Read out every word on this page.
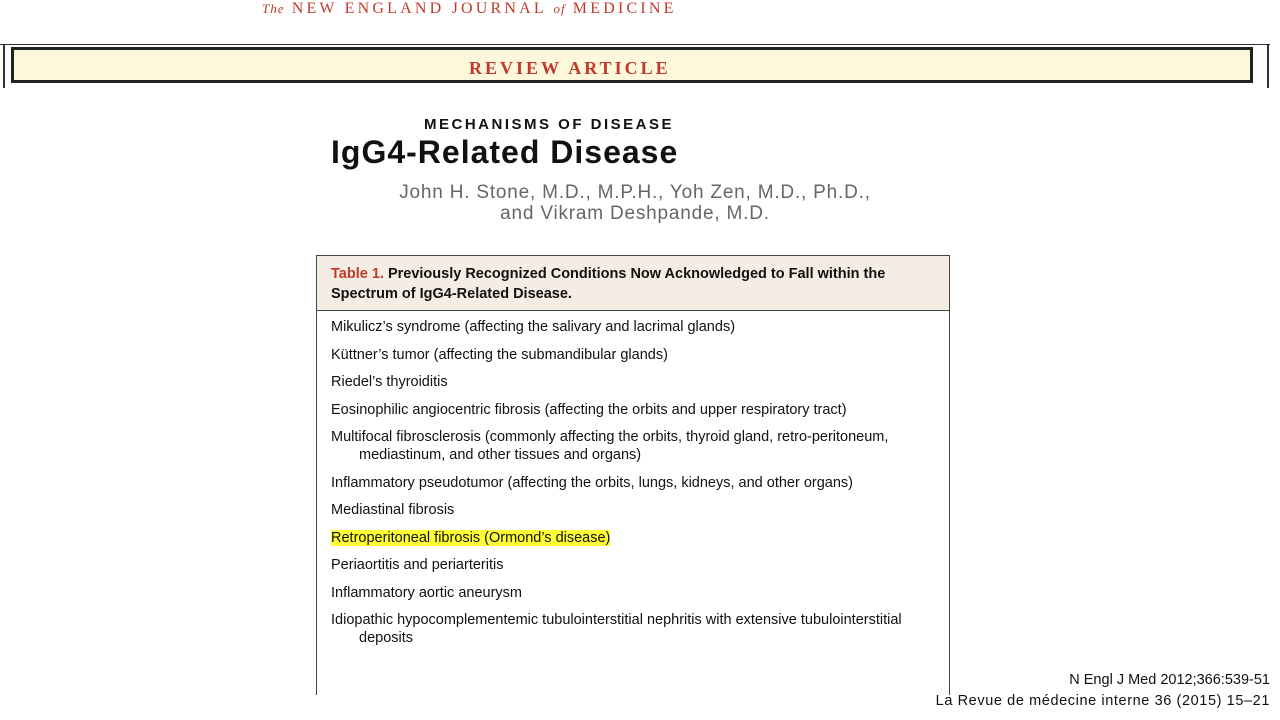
The NEW ENGLAND JOURNAL of MEDICINE
REVIEW ARTICLE
MECHANISMS OF DISEASE
IgG4-Related Disease
John H. Stone, M.D., M.P.H., Yoh Zen, M.D., Ph.D.,
and Vikram Deshpande, M.D.
Table 1. Previously Recognized Conditions Now Acknowledged to Fall within the Spectrum of IgG4-Related Disease.
Mikulicz’s syndrome (affecting the salivary and lacrimal glands)
Küttner’s tumor (affecting the submandibular glands)
Riedel’s thyroiditis
Eosinophilic angiocentric fibrosis (affecting the orbits and upper respiratory tract)
Multifocal fibrosclerosis (commonly affecting the orbits, thyroid gland, retro-peritoneum, mediastinum, and other tissues and organs)
Inflammatory pseudotumor (affecting the orbits, lungs, kidneys, and other organs)
Mediastinal fibrosis
Retroperitoneal fibrosis (Ormond’s disease)
Periaortitis and periarteritis
Inflammatory aortic aneurysm
Idiopathic hypocomplementemic tubulointerstitial nephritis with extensive tubulointerstitial deposits
N Engl J Med 2012;366:539-51
La Revue de médecine interne 36 (2015) 15–21
